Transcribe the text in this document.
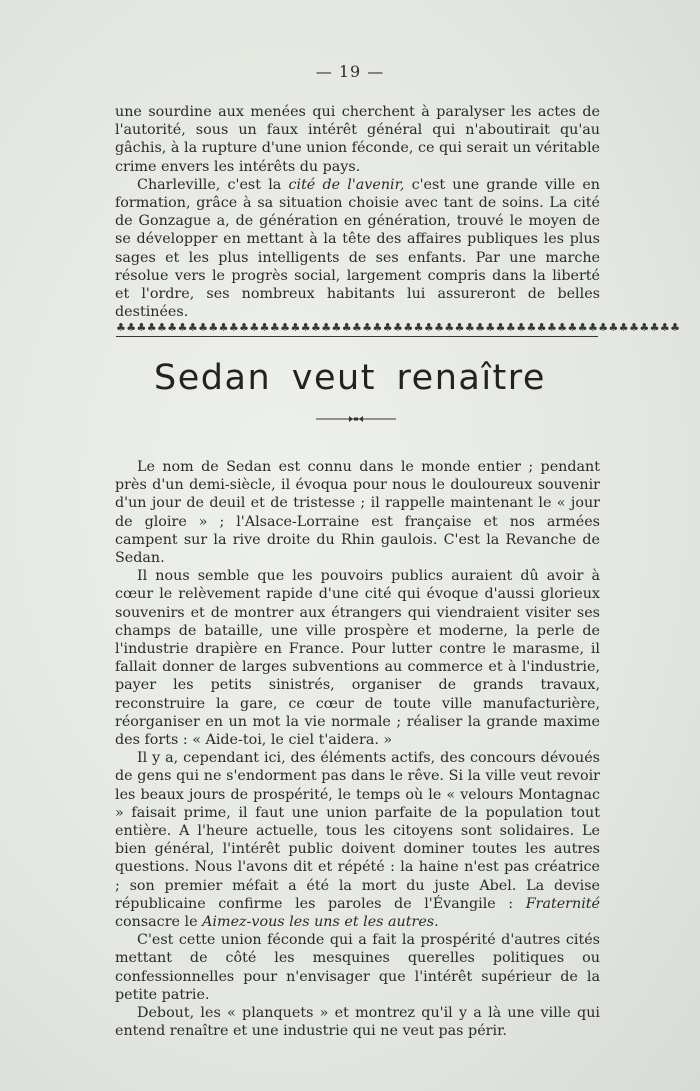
— 19 —

une sourdine aux menées qui cherchent à paralyser les actes de l'autorité, sous un faux intérêt général qui n'aboutirait qu'au gâchis, à la rupture d'une union féconde, ce qui serait un véritable crime envers les intérêts du pays.

Charleville, c'est la cité de l'avenir, c'est une grande ville en formation, grâce à sa situation choisie avec tant de soins. La cité de Gonzague a, de génération en génération, trouvé le moyen de se développer en mettant à la tête des affaires publiques les plus sages et les plus intelligents de ses enfants. Par une marche résolue vers le progrès social, largement compris dans la liberté et l'ordre, ses nombreux habitants lui assureront de belles destinées.

♣♣♣♣♣♣♣♣♣♣♣♣♣♣♣♣♣♣♣♣♣♣♣♣♣♣♣♣♣♣♣♣♣♣♣♣♣♣♣♣♣♣♣♣♣♣♣♣♣♣♣♣♣♣♣
Sedan veut renaître

Le nom de Sedan est connu dans le monde entier ; pendant près d'un demi-siècle, il évoqua pour nous le douloureux souvenir d'un jour de deuil et de tristesse ; il rappelle maintenant le « jour de gloire » ; l'Alsace-Lorraine est française et nos armées campent sur la rive droite du Rhin gaulois. C'est la Revanche de Sedan.

Il nous semble que les pouvoirs publics auraient dû avoir à cœur le relèvement rapide d'une cité qui évoque d'aussi glorieux souvenirs et de montrer aux étrangers qui viendraient visiter ses champs de bataille, une ville prospère et moderne, la perle de l'industrie drapière en France. Pour lutter contre le marasme, il fallait donner de larges subventions au commerce et à l'industrie, payer les petits sinistrés, organiser de grands travaux, reconstruire la gare, ce cœur de toute ville manufacturière, réorganiser en un mot la vie normale ; réaliser la grande maxime des forts : « Aide-toi, le ciel t'aidera. »

Il y a, cependant ici, des éléments actifs, des concours dévoués de gens qui ne s'endorment pas dans le rêve. Si la ville veut revoir les beaux jours de prospérité, le temps où le « velours Montagnac » faisait prime, il faut une union parfaite de la population tout entière. A l'heure actuelle, tous les citoyens sont solidaires. Le bien général, l'intérêt public doivent dominer toutes les autres questions. Nous l'avons dit et répété : la haine n'est pas créatrice ; son premier méfait a été la mort du juste Abel. La devise républicaine confirme les paroles de l'Évangile : Fraternité consacre le Aimez-vous les uns et les autres.

C'est cette union féconde qui a fait la prospérité d'autres cités mettant de côté les mesquines querelles politiques ou confessionnelles pour n'envisager que l'intérêt supérieur de la petite patrie.

Debout, les « planquets » et montrez qu'il y a là une ville qui entend renaître et une industrie qui ne veut pas périr.
